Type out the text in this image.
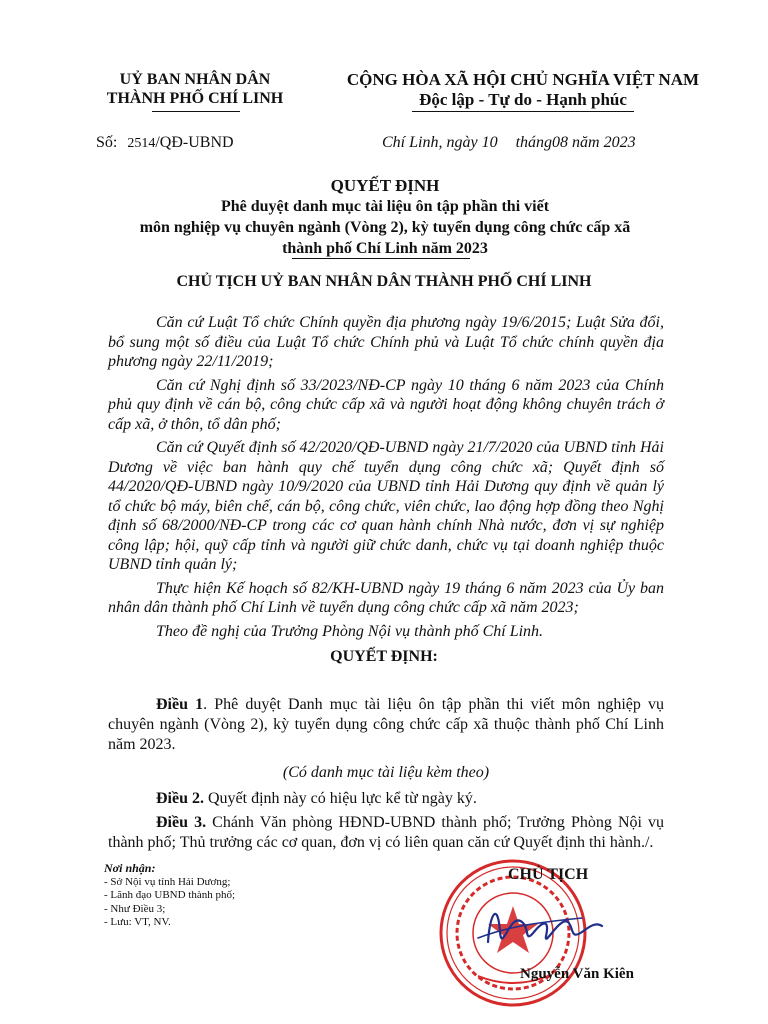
UỶ BAN NHÂN DÂN
THÀNH PHỐ CHÍ LINH
CỘNG HÒA XÃ HỘI CHỦ NGHĨA VIỆT NAM
Độc lập - Tự do - Hạnh phúc
Số: 2514/QĐ-UBND	Chí Linh, ngày 10 tháng08 năm 2023
QUYẾT ĐỊNH
Phê duyệt danh mục tài liệu ôn tập phần thi viết
môn nghiệp vụ chuyên ngành (Vòng 2), kỳ tuyển dụng công chức cấp xã
thành phố Chí Linh năm 2023
CHỦ TỊCH UỶ BAN NHÂN DÂN THÀNH PHỐ CHÍ LINH

Căn cứ Luật Tổ chức Chính quyền địa phương ngày 19/6/2015; Luật Sửa đổi, bổ sung một số điều của Luật Tổ chức Chính phủ và Luật Tổ chức chính quyền địa phương ngày 22/11/2019;

Căn cứ Nghị định số 33/2023/NĐ-CP ngày 10 tháng 6 năm 2023 của Chính phủ quy định về cán bộ, công chức cấp xã và người hoạt động không chuyên trách ở cấp xã, ở thôn, tổ dân phố;

Căn cứ Quyết định số 42/2020/QĐ-UBND ngày 21/7/2020 của UBND tỉnh Hải Dương về việc ban hành quy chế tuyển dụng công chức xã; Quyết định số 44/2020/QĐ-UBND ngày 10/9/2020 của UBND tỉnh Hải Dương quy định về quản lý tổ chức bộ máy, biên chế, cán bộ, công chức, viên chức, lao động hợp đồng theo Nghị định số 68/2000/NĐ-CP trong các cơ quan hành chính Nhà nước, đơn vị sự nghiệp công lập; hội, quỹ cấp tỉnh và người giữ chức danh, chức vụ tại doanh nghiệp thuộc UBND tỉnh quản lý;

Thực hiện Kế hoạch số 82/KH-UBND ngày 19 tháng 6 năm 2023 của Ủy ban nhân dân thành phố Chí Linh về tuyển dụng công chức cấp xã năm 2023;

Theo đề nghị của Trưởng Phòng Nội vụ thành phố Chí Linh.

QUYẾT ĐỊNH:

Điều 1. Phê duyệt Danh mục tài liệu ôn tập phần thi viết môn nghiệp vụ chuyên ngành (Vòng 2), kỳ tuyển dụng công chức cấp xã thuộc thành phố Chí Linh năm 2023.

(Có danh mục tài liệu kèm theo)

Điều 2. Quyết định này có hiệu lực kể từ ngày ký.

Điều 3. Chánh Văn phòng HĐND-UBND thành phố; Trưởng Phòng Nội vụ thành phố; Thủ trưởng các cơ quan, đơn vị có liên quan căn cứ Quyết định thi hành./.

Nơi nhận:
- Sở Nội vụ tỉnh Hải Dương;
- Lãnh đạo UBND thành phố;
- Như Điều 3;
- Lưu: VT, NV.
CHỦ TỊCH
Nguyễn Văn Kiên
